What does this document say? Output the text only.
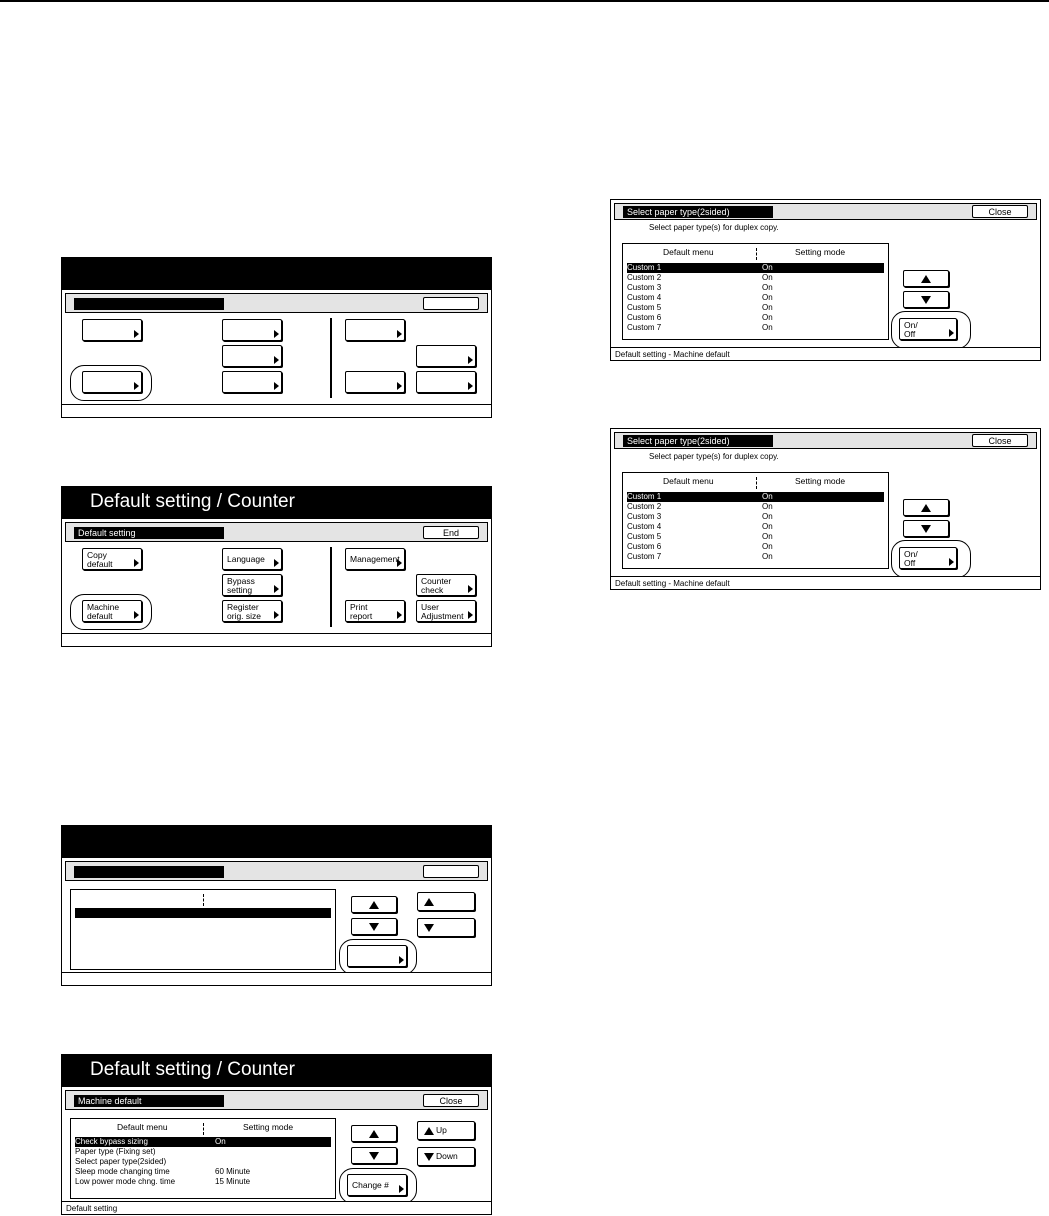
Default setting / Counter
Default setting	End
Copy
default	Language	Management
Bypass
setting
Counter
check
Machine
default
Register
orig. size
Print
report
User
Adjustment
Default setting / Counter
Machine default	Close
Default menu	Setting mode
Check bypass sizing	On
Paper type (Fixing set)
Select paper type(2sided)
Sleep mode changing time	60 Minute
Low power mode chng. time	15 Minute
Up
Down
Change #
Default setting
Select paper type(2sided)	Close
Select paper type(s) for duplex copy.
Default menu	Setting mode
Custom 1	On
Custom 2	On
Custom 3	On
Custom 4	On
Custom 5	On
Custom 6	On
Custom 7	On	On/
Off
Default setting - Machine default
Select paper type(2sided)	Close
Select paper type(s) for duplex copy.
Default menu	Setting mode
Custom 1	On
Custom 2	On
Custom 3	On
Custom 4	On
Custom 5	On
Custom 6	On
Custom 7	On	On/
Off
Default setting - Machine default
